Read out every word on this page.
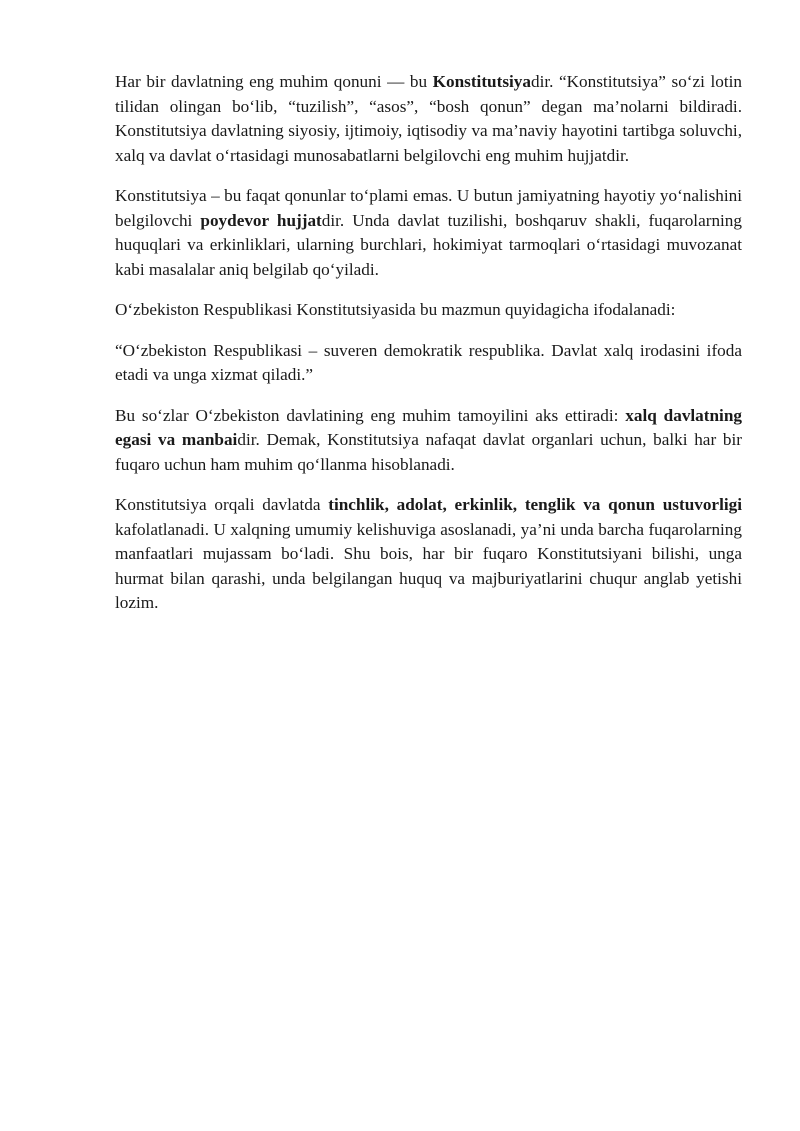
Har bir davlatning eng muhim qonuni — bu Konstitutsiyadir. “Konstitutsiya” so‘zi lotin tilidan olingan bo‘lib, “tuzilish”, “asos”, “bosh qonun” degan ma’nolarni bildiradi. Konstitutsiya davlatning siyosiy, ijtimoiy, iqtisodiy va ma’naviy hayotini tartibga soluvchi, xalq va davlat o‘rtasidagi munosabatlarni belgilovchi eng muhim hujjatdir.

Konstitutsiya – bu faqat qonunlar to‘plami emas. U butun jamiyatning hayotiy yo‘nalishini belgilovchi poydevor hujjatdir. Unda davlat tuzilishi, boshqaruv shakli, fuqarolarning huquqlari va erkinliklari, ularning burchlari, hokimiyat tarmoqlari o‘rtasidagi muvozanat kabi masalalar aniq belgilab qo‘yiladi.

O‘zbekiston Respublikasi Konstitutsiyasida bu mazmun quyidagicha ifodalanadi:

“O‘zbekiston Respublikasi – suveren demokratik respublika. Davlat xalq irodasini ifoda etadi va unga xizmat qiladi.”

Bu so‘zlar O‘zbekiston davlatining eng muhim tamoyilini aks ettiradi: xalq davlatning egasi va manbaidir. Demak, Konstitutsiya nafaqat davlat organlari uchun, balki har bir fuqaro uchun ham muhim qo‘llanma hisoblanadi.

Konstitutsiya orqali davlatda tinchlik, adolat, erkinlik, tenglik va qonun ustuvorligi kafolatlanadi. U xalqning umumiy kelishuviga asoslanadi, ya’ni unda barcha fuqarolarning manfaatlari mujassam bo‘ladi. Shu bois, har bir fuqaro Konstitutsiyani bilishi, unga hurmat bilan qarashi, unda belgilangan huquq va majburiyatlarini chuqur anglab yetishi lozim.
